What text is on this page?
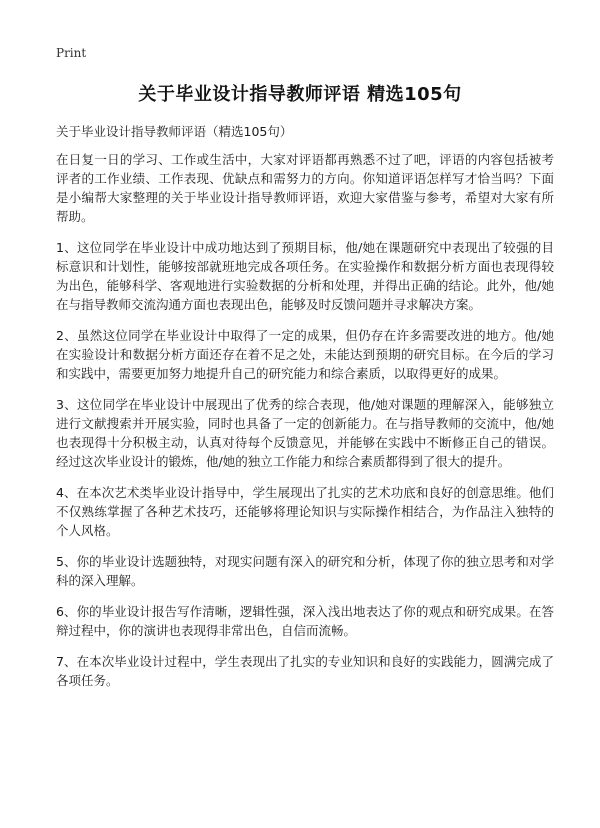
Print
关于毕业设计指导教师评语 精选105句

关于毕业设计指导教师评语（精选105句）

在日复一日的学习、工作或生活中，大家对评语都再熟悉不过了吧，评语的内容包括被考评者的工作业绩、工作表现、优缺点和需努力的方向。你知道评语怎样写才恰当吗？下面是小编帮大家整理的关于毕业设计指导教师评语，欢迎大家借鉴与参考，希望对大家有所帮助。

1、这位同学在毕业设计中成功地达到了预期目标，他/她在课题研究中表现出了较强的目标意识和计划性，能够按部就班地完成各项任务。在实验操作和数据分析方面也表现得较为出色，能够科学、客观地进行实验数据的分析和处理，并得出正确的结论。此外，他/她在与指导教师交流沟通方面也表现出色，能够及时反馈问题并寻求解决方案。

2、虽然这位同学在毕业设计中取得了一定的成果，但仍存在许多需要改进的地方。他/她在实验设计和数据分析方面还存在着不足之处，未能达到预期的研究目标。在今后的学习和实践中，需要更加努力地提升自己的研究能力和综合素质，以取得更好的成果。

3、这位同学在毕业设计中展现出了优秀的综合表现，他/她对课题的理解深入，能够独立进行文献搜索并开展实验，同时也具备了一定的创新能力。在与指导教师的交流中，他/她也表现得十分积极主动，认真对待每个反馈意见，并能够在实践中不断修正自己的错误。经过这次毕业设计的锻炼，他/她的独立工作能力和综合素质都得到了很大的提升。

4、在本次艺术类毕业设计指导中，学生展现出了扎实的艺术功底和良好的创意思维。他们不仅熟练掌握了各种艺术技巧，还能够将理论知识与实际操作相结合，为作品注入独特的个人风格。

5、你的毕业设计选题独特，对现实问题有深入的研究和分析，体现了你的独立思考和对学科的深入理解。

6、你的毕业设计报告写作清晰，逻辑性强，深入浅出地表达了你的观点和研究成果。在答辩过程中，你的演讲也表现得非常出色，自信而流畅。

7、在本次毕业设计过程中，学生表现出了扎实的专业知识和良好的实践能力，圆满完成了各项任务。
